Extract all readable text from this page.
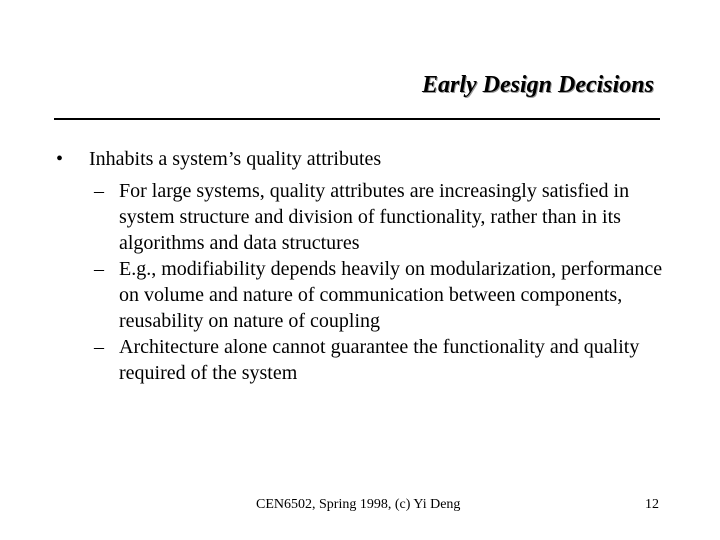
Early Design Decisions
•	Inhabits a system’s quality attributes
– For large systems, quality attributes are increasingly satisfied in system structure and division of functionality, rather than in its algorithms and data structures
– E.g., modifiability depends heavily on modularization, performance on volume and nature of communication between components, reusability on nature of coupling
– Architecture alone cannot guarantee the functionality and quality required of the system
CEN6502, Spring 1998, (c) Yi Deng	12
